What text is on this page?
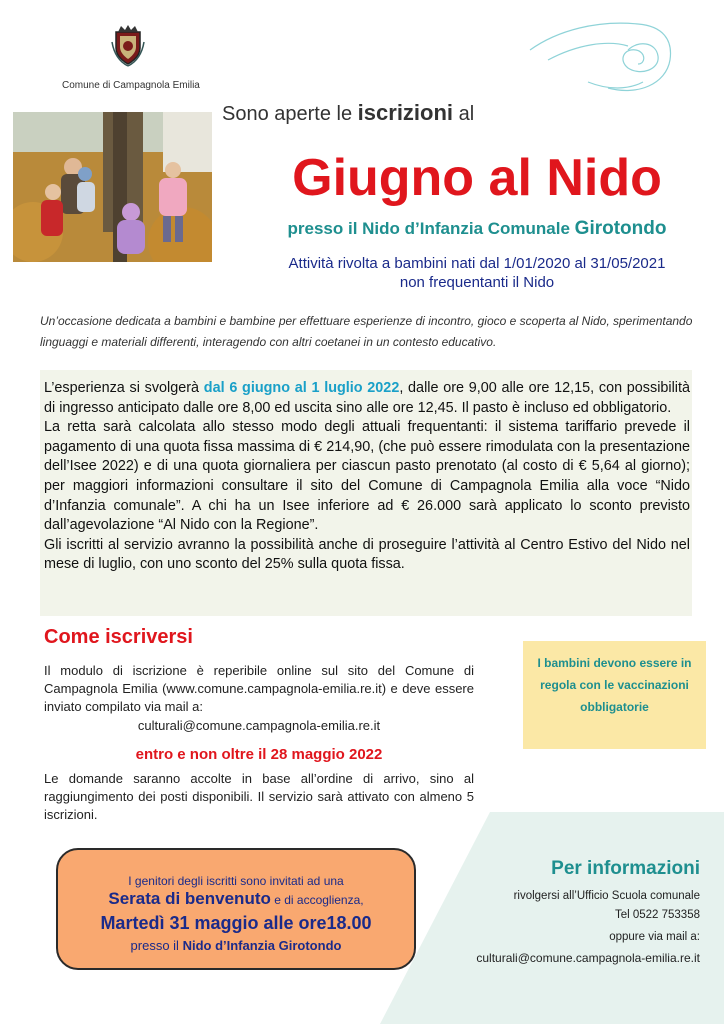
Comune di Campagnola Emilia
Sono aperte le iscrizioni al
Giugno al Nido
presso il Nido d’Infanzia Comunale Girotondo
Attività rivolta a bambini nati dal 1/01/2020 al 31/05/2021
non frequentanti il Nido
Un’occasione dedicata a bambini e bambine per effettuare esperienze di incontro, gioco e scoperta al Nido, sperimentando linguaggi e materiali differenti, interagendo con altri coetanei in un contesto educativo.
L’esperienza si svolgerà dal 6 giugno al 1 luglio 2022, dalle ore 9,00 alle ore 12,15, con possibilità di ingresso anticipato dalle ore 8,00 ed uscita sino alle ore 12,45. Il pasto è incluso ed obbligatorio.
La retta sarà calcolata allo stesso modo degli attuali frequentanti: il sistema tariffario prevede il pagamento di una quota fissa massima di € 214,90, (che può essere rimodulata con la presentazione dell’Isee 2022) e di una quota giornaliera per ciascun pasto prenotato (al costo di € 5,64 al giorno); per maggiori informazioni consultare il sito del Comune di Campagnola Emilia alla voce “Nido d’Infanzia comunale”. A chi ha un Isee inferiore ad € 26.000 sarà applicato lo sconto previsto dall’agevolazione “Al Nido con la Regione”.
Gli iscritti al servizio avranno la possibilità anche di proseguire l’attività al Centro Estivo del Nido nel mese di luglio, con uno sconto del 25% sulla quota fissa.
Come iscriversi
Il modulo di iscrizione è reperibile online sul sito del Comune di Campagnola Emilia (www.comune.campagnola-emilia.re.it) e deve essere inviato compilato via mail a:
culturali@comune.campagnola-emilia.re.it
entro e non oltre il 28 maggio 2022
Le domande saranno accolte in base all’ordine di arrivo, sino al raggiungimento dei posti disponibili. Il servizio sarà attivato con almeno 5 iscrizioni.
I bambini devono essere in regola con le vaccinazioni obbligatorie
Per informazioni
rivolgersi all’Ufficio Scuola comunale
Tel 0522 753358
oppure via mail a:
culturali@comune.campagnola-emilia.re.it
I genitori degli iscritti sono invitati ad una
Serata di benvenuto e di accoglienza,
Martedì 31 maggio alle ore18.00
presso il Nido d’Infanzia Girotondo
